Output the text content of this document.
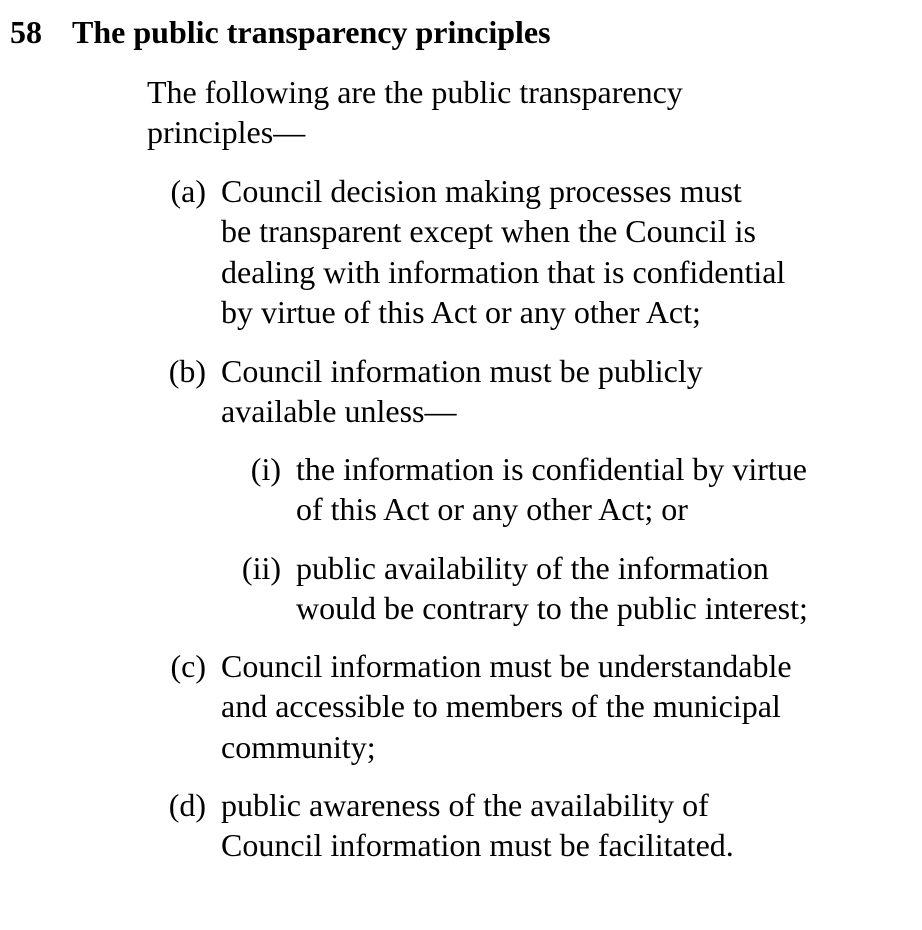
58 The public transparency principles
The following are the public transparency
principles—
(a) Council decision making processes must
be transparent except when the Council is
dealing with information that is confidential
by virtue of this Act or any other Act;
(b) Council information must be publicly
available unless—
(i) the information is confidential by virtue
of this Act or any other Act; or
(ii) public availability of the information
would be contrary to the public interest;
(c) Council information must be understandable
and accessible to members of the municipal
community;
(d) public awareness of the availability of
Council information must be facilitated.
